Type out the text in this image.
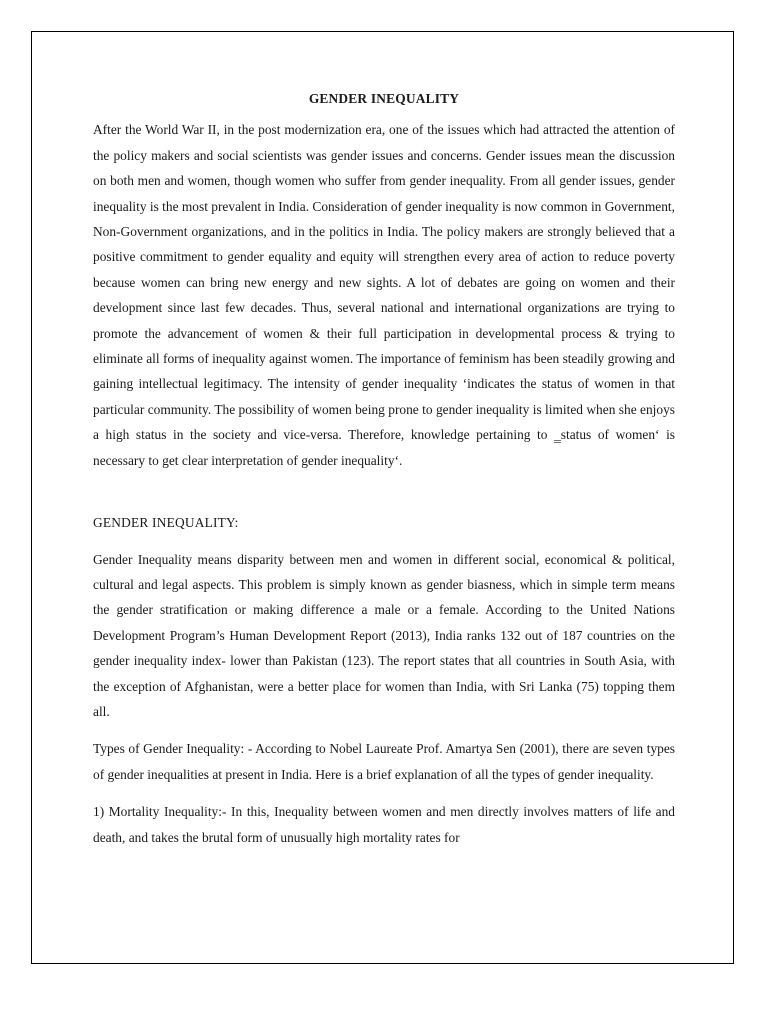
GENDER INEQUALITY

After the World War II, in the post modernization era, one of the issues which had attracted the attention of the policy makers and social scientists was gender issues and concerns. Gender issues mean the discussion on both men and women, though women who suffer from gender inequality. From all gender issues, gender inequality is the most prevalent in India. Consideration of gender inequality is now common in Government, Non-Government organizations, and in the politics in India. The policy makers are strongly believed that a positive commitment to gender equality and equity will strengthen every area of action to reduce poverty because women can bring new energy and new sights. A lot of debates are going on women and their development since last few decades. Thus, several national and international organizations are trying to promote the advancement of women & their full participation in developmental process & trying to eliminate all forms of inequality against women. The importance of feminism has been steadily growing and gaining intellectual legitimacy. The intensity of gender inequality ‘indicates the status of women in that particular community. The possibility of women being prone to gender inequality is limited when she enjoys a high status in the society and vice-versa. Therefore, knowledge pertaining to ‗status of women‘ is necessary to get clear interpretation of gender inequality‘.

GENDER INEQUALITY:

Gender Inequality means disparity between men and women in different social, economical & political, cultural and legal aspects. This problem is simply known as gender biasness, which in simple term means the gender stratification or making difference a male or a female. According to the United Nations Development Program’s Human Development Report (2013), India ranks 132 out of 187 countries on the gender inequality index- lower than Pakistan (123). The report states that all countries in South Asia, with the exception of Afghanistan, were a better place for women than India, with Sri Lanka (75) topping them all.

Types of Gender Inequality: - According to Nobel Laureate Prof. Amartya Sen (2001), there are seven types of gender inequalities at present in India. Here is a brief explanation of all the types of gender inequality.

1) Mortality Inequality:- In this, Inequality between women and men directly involves matters of life and death, and takes the brutal form of unusually high mortality rates for
